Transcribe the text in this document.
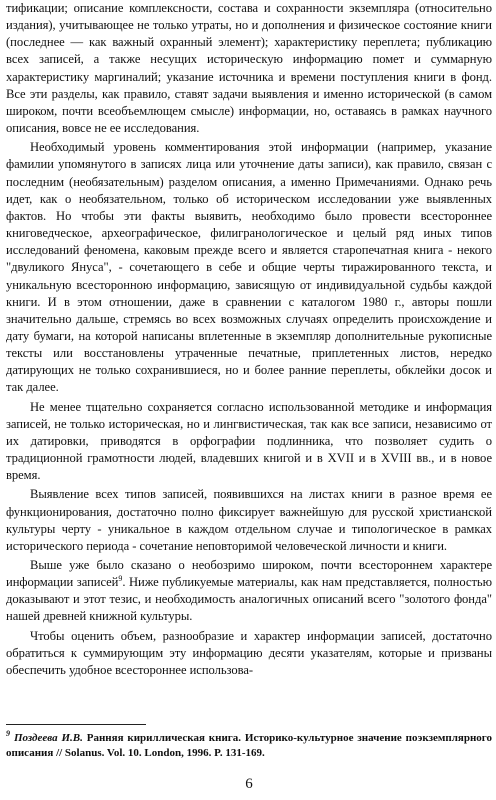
тификации; описание комплексности, состава и сохранности экземпляра (относительно издания), учитывающее не только утраты, но и дополнения и физическое состояние книги (последнее — как важный охранный элемент); характеристику переплета; публикацию всех записей, а также несущих историческую информацию помет и суммарную характеристику маргиналий; указание источника и времени поступления книги в фонд. Все эти разделы, как правило, ставят задачи выявления и именно исторической (в самом широком, почти всеобъемлющем смысле) информации, но, оставаясь в рамках научного описания, вовсе не ее исследования.

Необходимый уровень комментирования этой информации (например, указание фамилии упомянутого в записях лица или уточнение даты записи), как правило, связан с последним (необязательным) разделом описания, а именно Примечаниями. Однако речь идет, как о необязательном, только об историческом исследовании уже выявленных фактов. Но чтобы эти факты выявить, необходимо было провести всестороннее книговедческое, археографическое, филигранологическое и целый ряд иных типов исследований феномена, каковым прежде всего и является старопечатная книга - некого "двуликого Януса", - сочетающего в себе и общие черты тиражированного текста, и уникальную всесторонною информацию, зависящую от индивидуальной судьбы каждой книги. И в этом отношении, даже в сравнении с каталогом 1980 г., авторы пошли значительно дальше, стремясь во всех возможных случаях определить происхождение и дату бумаги, на которой написаны вплетенные в экземпляр дополнительные рукописные тексты или восстановлены утраченные печатные, приплетенных листов, нередко датирующих не только сохранившиеся, но и более ранние переплеты, обклейки досок и так далее.

Не менее тщательно сохраняется согласно использованной методике и информация записей, не только историческая, но и лингвистическая, так как все записи, независимо от их датировки, приводятся в орфографии подлинника, что позволяет судить о традиционной грамотности людей, владевших книгой и в XVII и в XVIII вв., и в новое время.

Выявление всех типов записей, появившихся на листах книги в разное время ее функционирования, достаточно полно фиксирует важнейшую для русской христианской культуры черту - уникальное в каждом отдельном случае и типологическое в рамках исторического периода - сочетание неповторимой человеческой личности и книги.

Выше уже было сказано о необозримо широком, почти всестороннем характере информации записей$^9$. Ниже публикуемые материалы, как нам представляется, полностью доказывают и этот тезис, и необходимость аналогичных описаний всего "золотого фонда" нашей древней книжной культуры.

Чтобы оценить объем, разнообразие и характер информации записей, достаточно обратиться к суммирующим эту информацию десяти указателям, которые и призваны обеспечить удобное всестороннее использова-

$^9$ Поздеева И.В. Ранняя кириллическая книга. Историко-культурное значение поэкземплярного описания // Solanus. Vol. 10. London, 1996. P. 131-169.
6
